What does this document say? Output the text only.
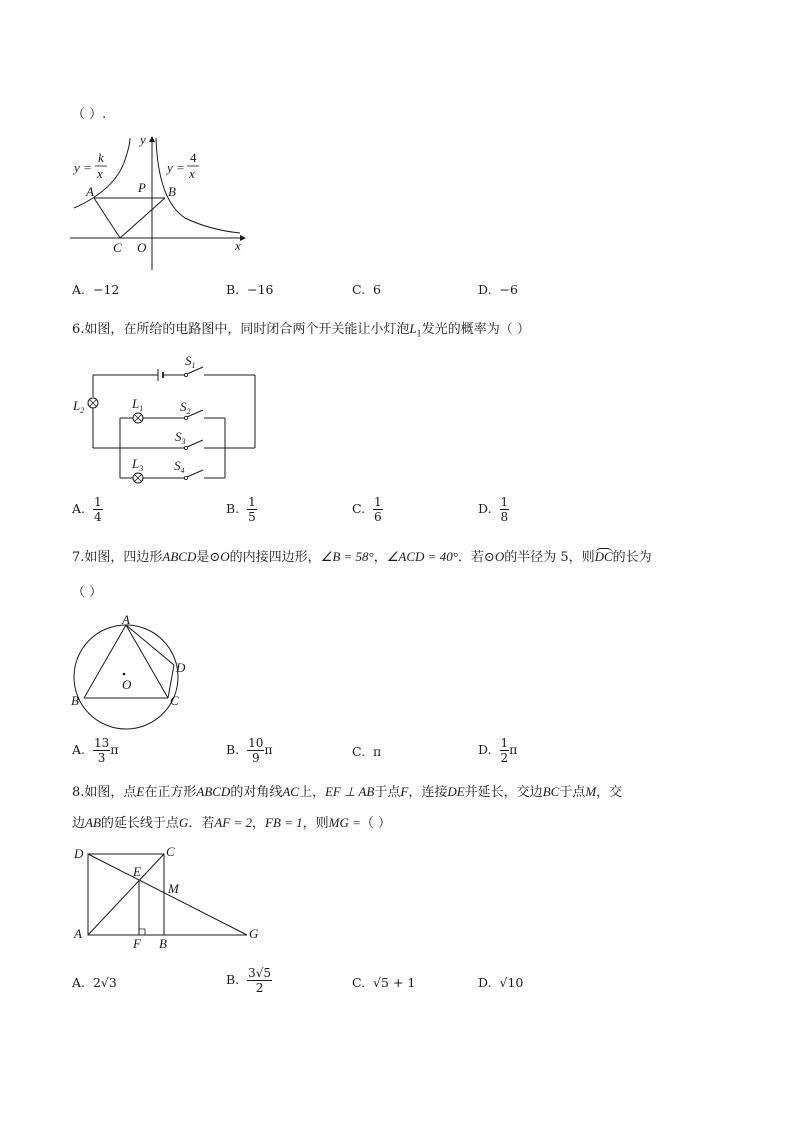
（ ）.
A	B
P
C O	x
y
y =
k
x	y =
4
x
A. −12	B. −16	C. 6	D. −6
6.如图，在所给的电路图中，同时闭合两个开关能让小灯泡$L_1$发光的概率为（ ）
$S_1$
$S_2$
$S_3$
$S_4$
$L_1$
$L_2$
$L_3$
A. $\frac{1}{4}$	B. $\frac{1}{5}$	C. $\frac{1}{6}$	D. $\frac{1}{8}$
7.如图，四边形ABCD是⊙O的内接四边形，∠B = 58°，∠ACD = 40°．若⊙O的半径为 5，则DC的长为
（ ）
A
B	C
D
O
A. $\frac{13}{3}$ π	B. $\frac{10}{9}$ π	C. π	D. $\frac{1}{2}$ π
8.如图，点E在正方形ABCD的对角线AC上，EF ⊥ AB于点F，连接DE并延长，交边BC于点M，交
边AB的延长线于点G．若AF = 2，FB = 1，则MG =（ ）
D	C
E
M
A
F B
G
A. 2√3	B. $\frac{3√5}{2}$	C. √5 + 1	D. √10
